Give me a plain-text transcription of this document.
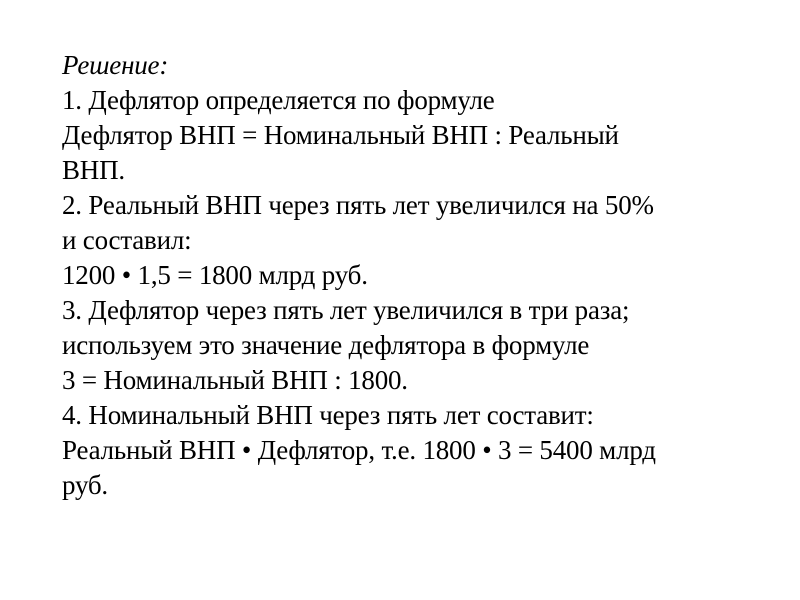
Решение:
1. Дефлятор определяется по формуле
Дефлятор ВНП = Номинальный ВНП : Реальный
ВНП.
2. Реальный ВНП через пять лет увеличился на 50%
и составил:
1200 • 1,5 = 1800 млрд руб.
3. Дефлятор через пять лет увеличился в три раза;
используем это значение дефлятора в формуле
3 = Номинальный ВНП : 1800.
4. Номинальный ВНП через пять лет составит:
Реальный ВНП • Дефлятор, т.е. 1800 • 3 = 5400 млрд
руб.
